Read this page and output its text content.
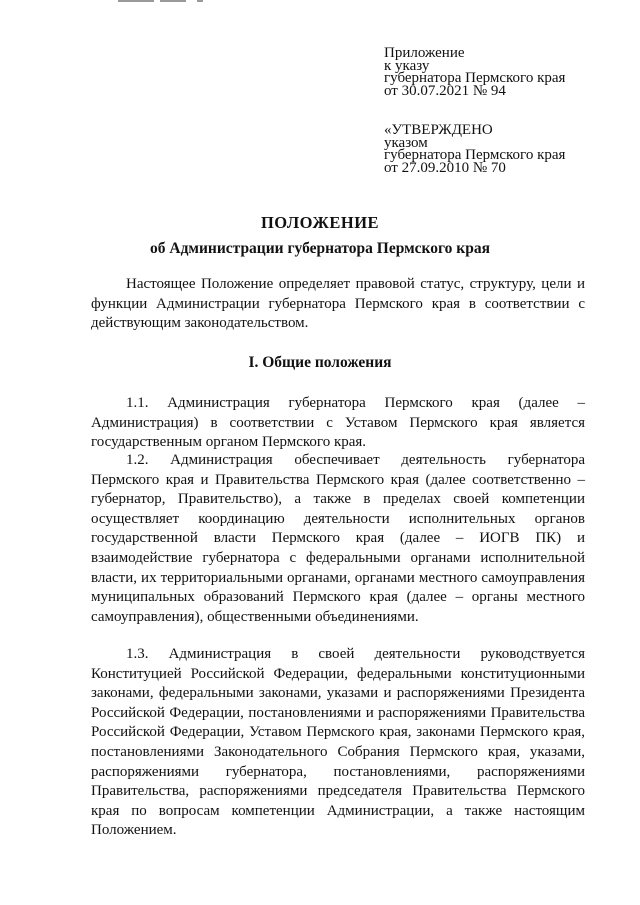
Приложение
к указу
губернатора Пермского края
от 30.07.2021 № 94
«УТВЕРЖДЕНО
указом
губернатора Пермского края
от 27.09.2010 № 70
ПОЛОЖЕНИЕ
об Администрации губернатора Пермского края

Настоящее Положение определяет правовой статус, структуру, цели и функции Администрации губернатора Пермского края в соответствии с действующим законодательством.

I. Общие положения

1.1. Администрация губернатора Пермского края (далее – Администрация) в соответствии с Уставом Пермского края является государственным органом Пермского края.

1.2. Администрация обеспечивает деятельность губернатора Пермского края и Правительства Пермского края (далее соответственно – губернатор, Правительство), а также в пределах своей компетенции осуществляет координацию деятельности исполнительных органов государственной власти Пермского края (далее – ИОГВ ПК) и взаимодействие губернатора с федеральными органами исполнительной власти, их территориальными органами, органами местного самоуправления муниципальных образований Пермского края (далее – органы местного самоуправления), общественными объединениями.

1.3. Администрация в своей деятельности руководствуется Конституцией Российской Федерации, федеральными конституционными законами, федеральными законами, указами и распоряжениями Президента Российской Федерации, постановлениями и распоряжениями Правительства Российской Федерации, Уставом Пермского края, законами Пермского края, постановлениями Законодательного Собрания Пермского края, указами, распоряжениями губернатора, постановлениями, распоряжениями Правительства, распоряжениями председателя Правительства Пермского края по вопросам компетенции Администрации, а также настоящим Положением.
